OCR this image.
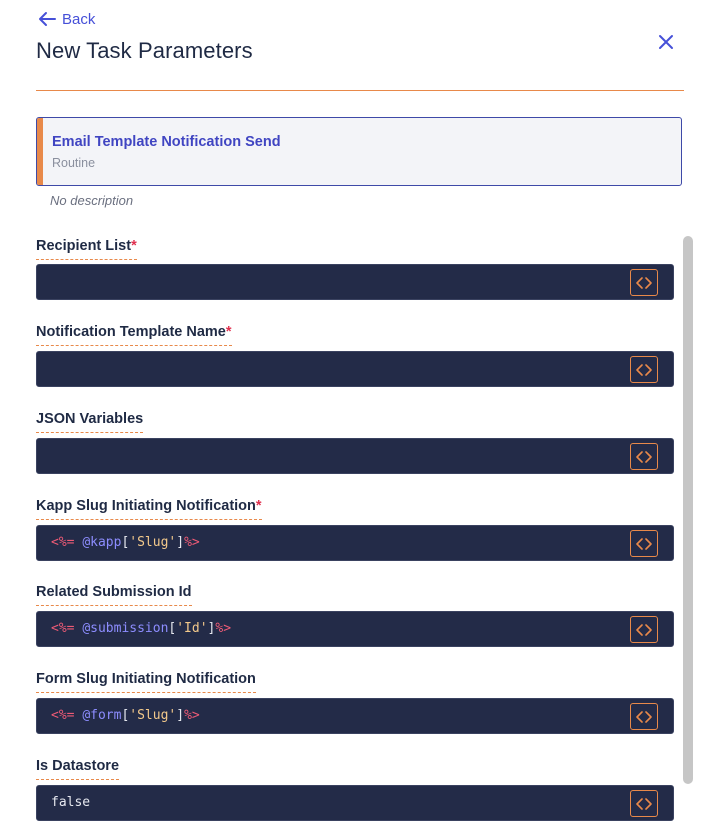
Back
New Task Parameters
Email Template Notification Send
Routine
No description
Recipient List*
Notification Template Name*
JSON Variables
Kapp Slug Initiating Notification*
<%= @kapp['Slug']%>
Related Submission Id
<%= @submission['Id']%>
Form Slug Initiating Notification
<%= @form['Slug']%>
Is Datastore
false
